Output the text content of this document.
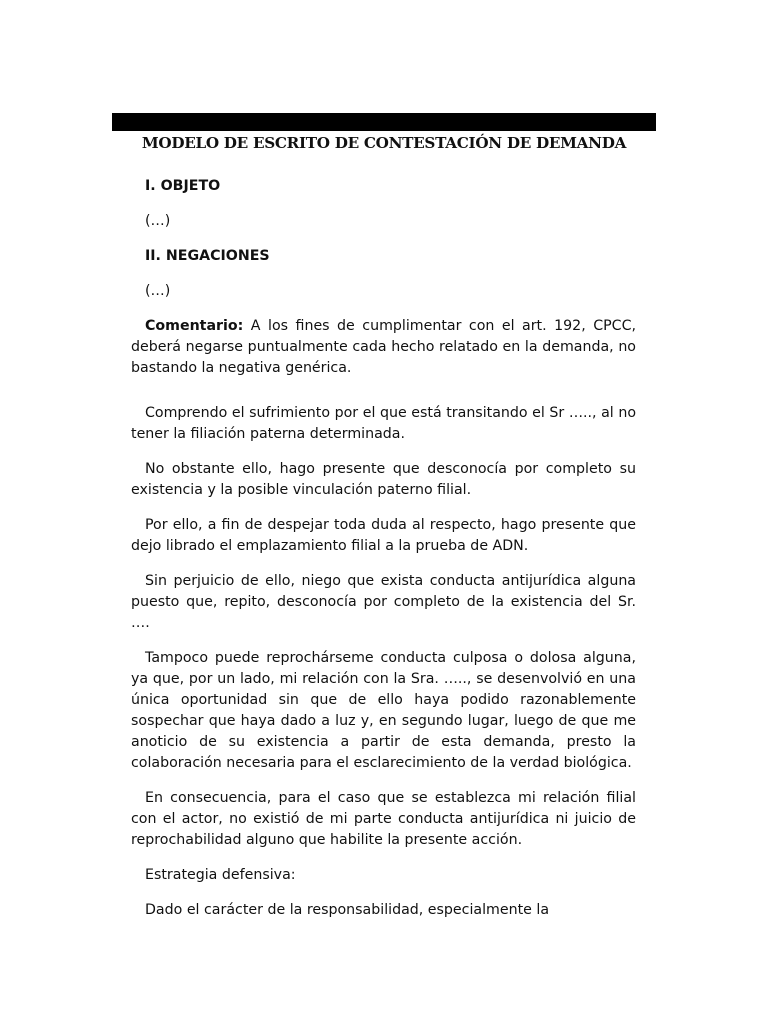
MODELO DE ESCRITO DE CONTESTACIÓN DE DEMANDA

I. OBJETO

(…)

II. NEGACIONES

(…)

Comentario: A los fines de cumplimentar con el art. 192, CPCC, deberá negarse puntualmente cada hecho relatado en la demanda, no bastando la negativa genérica.

Comprendo el sufrimiento por el que está transitando el Sr ….., al no tener la filiación paterna determinada.

No obstante ello, hago presente que desconocía por completo su existencia y la posible vinculación paterno filial.

Por ello, a fin de despejar toda duda al respecto, hago presente que dejo librado el emplazamiento filial a la prueba de ADN.

Sin perjuicio de ello, niego que exista conducta antijurídica alguna puesto que, repito, desconocía por completo de la existencia del Sr. ….

Tampoco puede reprochárseme conducta culposa o dolosa alguna, ya que, por un lado, mi relación con la Sra. ….., se desenvolvió en una única oportunidad sin que de ello haya podido razonablemente sospechar que haya dado a luz y, en segundo lugar, luego de que me anoticio de su existencia a partir de esta demanda, presto la colaboración necesaria para el esclarecimiento de la verdad biológica.

En consecuencia, para el caso que se establezca mi relación filial con el actor, no existió de mi parte conducta antijurídica ni juicio de reprochabilidad alguno que habilite la presente acción.

Estrategia defensiva:

Dado el carácter de la responsabilidad, especialmente la
